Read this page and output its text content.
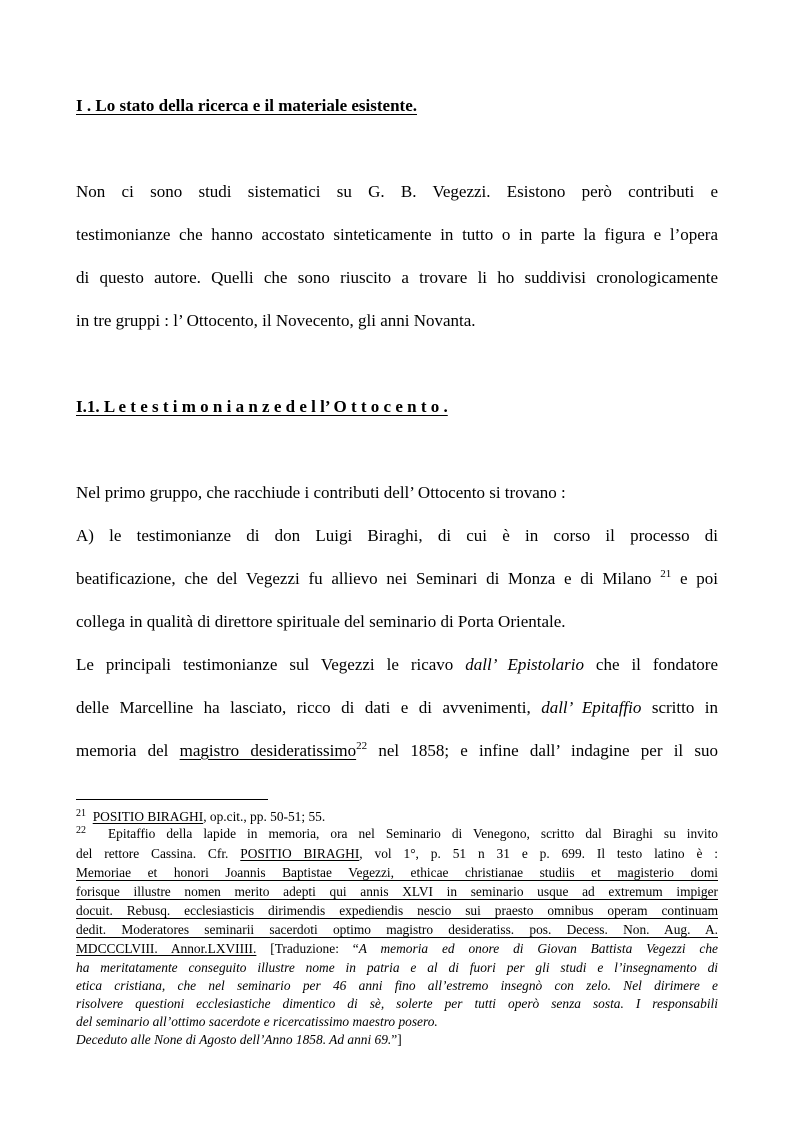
I . Lo stato della ricerca e il materiale esistente.
Non ci sono studi sistematici su G. B. Vegezzi. Esistono però contributi e
testimonianze che hanno accostato sinteticamente in tutto o in parte la figura e l’opera
di questo autore. Quelli che sono riuscito a trovare li ho suddivisi cronologicamente
in tre gruppi : l’ Ottocento, il Novecento, gli anni Novanta.
I.1. L e t e s t i m o n i a n z e d e l l’ O t t o c e n t o .
Nel primo gruppo, che racchiude i contributi dell’ Ottocento si trovano :
A) le testimonianze di don Luigi Biraghi, di cui è in corso il processo di
beatificazione, che del Vegezzi fu allievo nei Seminari di Monza e di Milano $^{21}$ e poi
collega in qualità di direttore spirituale del seminario di Porta Orientale.
Le principali testimonianze sul Vegezzi le ricavo dall’ Epistolario che il fondatore
delle Marcelline ha lasciato, ricco di dati e di avvenimenti, dall’ Epitaffio scritto in
memoria del magistro desideratissimo$^{22}$ nel 1858; e infine dall’ indagine per il suo
$^{21}$ POSITIO BIRAGHI, op.cit., pp. 50-51; 55.
$^{22}$ Epitaffio della lapide in memoria, ora nel Seminario di Venegono, scritto dal Biraghi su invito
del rettore Cassina. Cfr. POSITIO BIRAGHI, vol 1°, p. 51 n 31 e p. 699. Il testo latino è :
Memoriae et honori Joannis Baptistae Vegezzi, ethicae christianae studiis et magisterio domi
forisque illustre nomen merito adepti qui annis XLVI in seminario usque ad extremum impiger
docuit. Rebusq. ecclesiasticis dirimendis expediendis nescio sui praesto omnibus operam continuam
dedit. Moderatores seminarii sacerdoti optimo magistro desideratiss. pos. Decess. Non. Aug. A.
MDCCCLVIII. Annor.LXVIIII. [Traduzione: “A memoria ed onore di Giovan Battista Vegezzi che
ha meritatamente conseguito illustre nome in patria e al di fuori per gli studi e l’insegnamento di
etica cristiana, che nel seminario per 46 anni fino all’estremo insegnò con zelo. Nel dirimere e
risolvere questioni ecclesiastiche dimentico di sè, solerte per tutti operò senza sosta. I responsabili
del seminario all’ottimo sacerdote e ricercatissimo maestro posero.
Deceduto alle None di Agosto dell’Anno 1858. Ad anni 69.”]
